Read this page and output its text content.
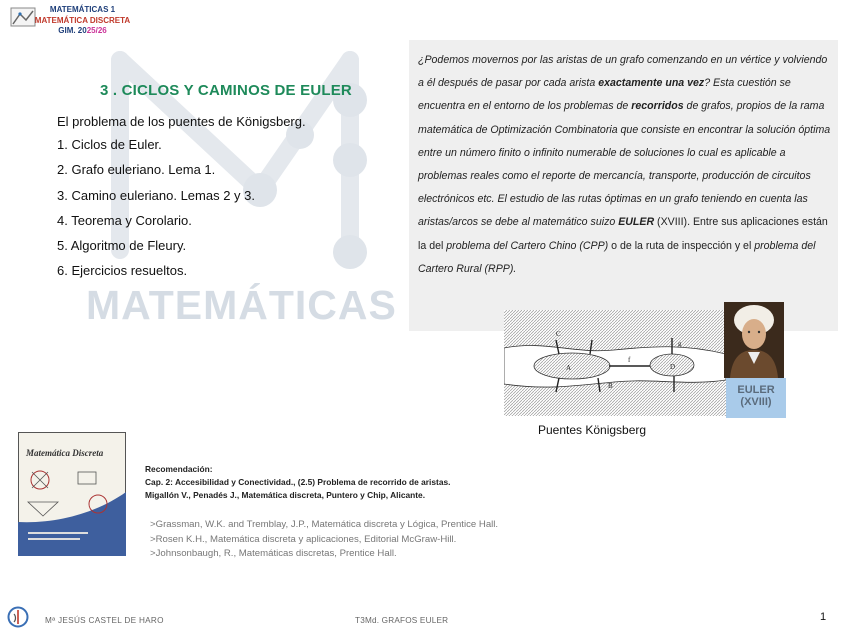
MATEMÁTICAS 1
MATEMÁTICA DISCRETA
GIM. 2025/26
MATEMÁTICAS
3 . CICLOS Y CAMINOS DE EULER
El problema de los puentes de Königsberg.
1. Ciclos de Euler.
2. Grafo euleriano. Lema 1.
3. Camino euleriano. Lemas 2 y 3.
4. Teorema y Corolario.
5. Algoritmo de Fleury.
6. Ejercicios resueltos.
¿Podemos movernos por las aristas de un grafo comenzando en un vértice y volviendo a él después de pasar por cada arista exactamente una vez? Esta cuestión se encuentra en el entorno de los problemas de recorridos de grafos, propios de la rama matemática de Optimización Combinatoria que consiste en encontrar la solución óptima entre un número finito o infinito numerable de soluciones lo cual es aplicable a problemas reales como el reporte de mercancía, transporte, producción de circuitos electrónicos etc. El estudio de las rutas óptimas en un grafo teniendo en cuenta las aristas/arcos se debe al matemático suizo EULER (XVIII). Entre sus aplicaciones están la del problema del Cartero Chino (CPP) o de la ruta de inspección y el problema del Cartero Rural (RPP).
A
B
C
D
f
g
Puentes Königsberg
EULER
(XVIII)
Matemática Discreta
Recomendación:
Cap. 2: Accesibilidad y Conectividad., (2.5) Problema de recorrido de aristas.
Migallón V., Penadés J., Matemática discreta, Puntero y Chip, Alicante.
>Grassman, W.K. and Tremblay, J.P., Matemática discreta y Lógica, Prentice Hall.
>Rosen K.H., Matemática discreta y aplicaciones, Editorial McGraw-Hill.
>Johnsonbaugh, R., Matemáticas discretas, Prentice Hall.
Mª JESÚS CASTEL DE HARO	T3Md. GRAFOS EULER	1
